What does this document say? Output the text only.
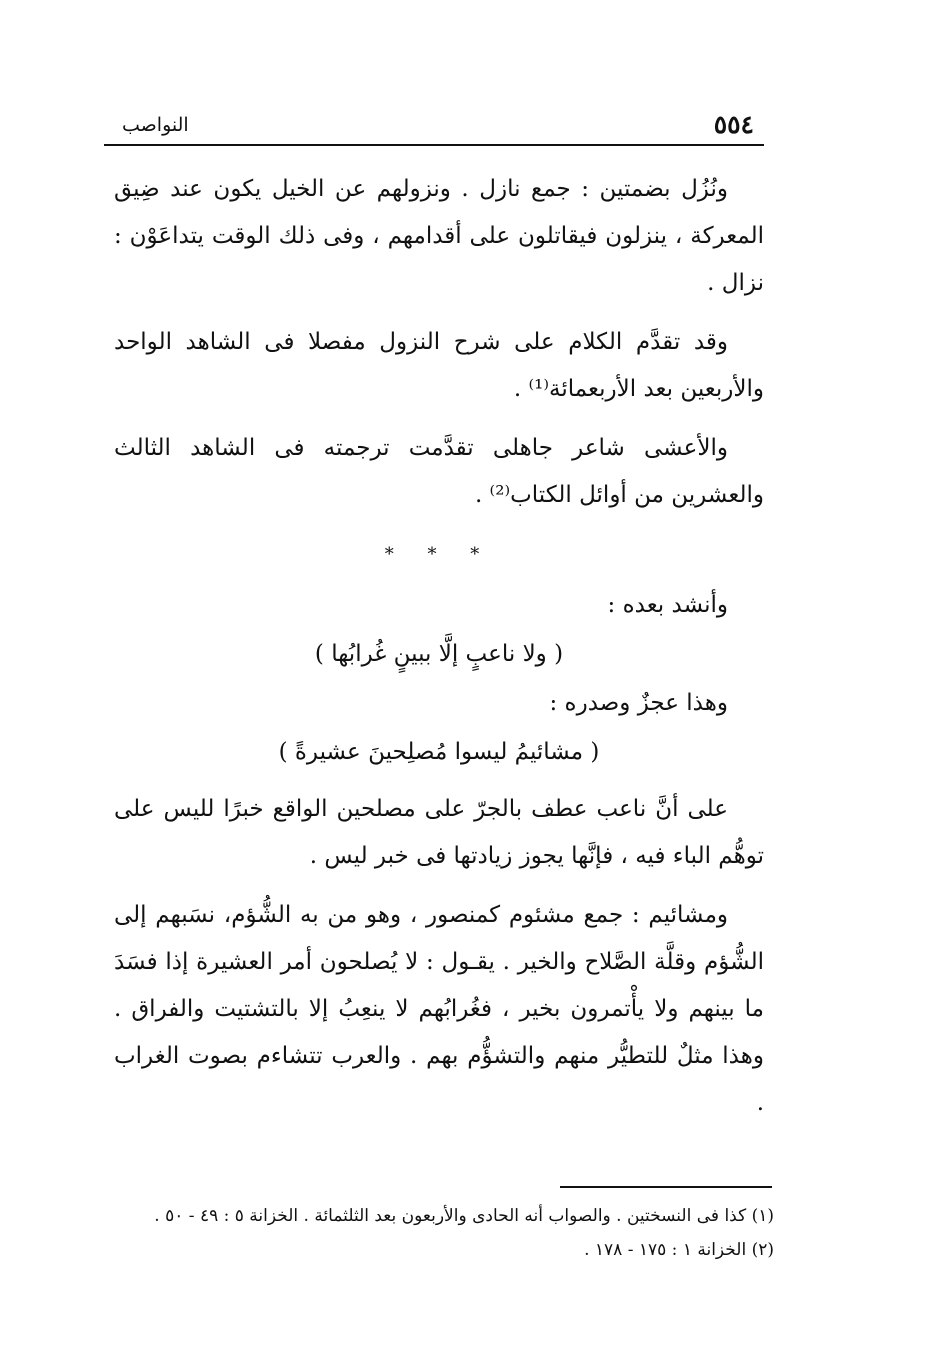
٥٥٤
النواصب

ونُزُل بضمتين : جمع نازل . ونزولهم عن الخيل يكون عند ضِيق المعركة ، ينزلون فيقاتلون على أقدامهم ، وفى ذلك الوقت يتداعَوْن : نزال .

وقد تقدَّم الكلام على شرح النزول مفصلا فى الشاهد الواحد والأربعين بعد الأربعمائة⁽¹⁾ .

والأعشى شاعر جاهلى تقدَّمت ترجمته فى الشاهد الثالث والعشرين من أوائل الكتاب⁽²⁾ .

* * *

وأنشد بعده :

( ولا ناعبٍ إلَّا ببينٍ غُرابُها )

وهذا عجزٌ وصدره :

( مشائيمُ ليسوا مُصلِحينَ عشيرةً )

على أنَّ ناعب عطف بالجرّ على مصلحين الواقع خبرًا لليس على توهُّم الباء فيه ، فإنَّها يجوز زيادتها فى خبر ليس .

ومشائيم : جمع مشئوم كمنصور ، وهو من به الشُّؤم، نسَبهم إلى الشُّؤم وقلَّة الصَّلاح والخير . يقـول : لا يُصلحون أمر العشيرة إذا فسَدَ ما بينهم ولا يأْتمرون بخير ، فغُرابُهم لا ينعِبُ إلا بالتشتيت والفراق . وهذا مثلٌ للتطيُّر منهم والتشؤُّم بهم . والعرب تتشاءم بصوت الغراب .

(١) كذا فى النسختين . والصواب أنه الحادى والأربعون بعد الثلثمائة . الخزانة ٥ : ٤٩ - ٥٠ .

(٢) الخزانة ١ : ١٧٥ - ١٧٨ .
